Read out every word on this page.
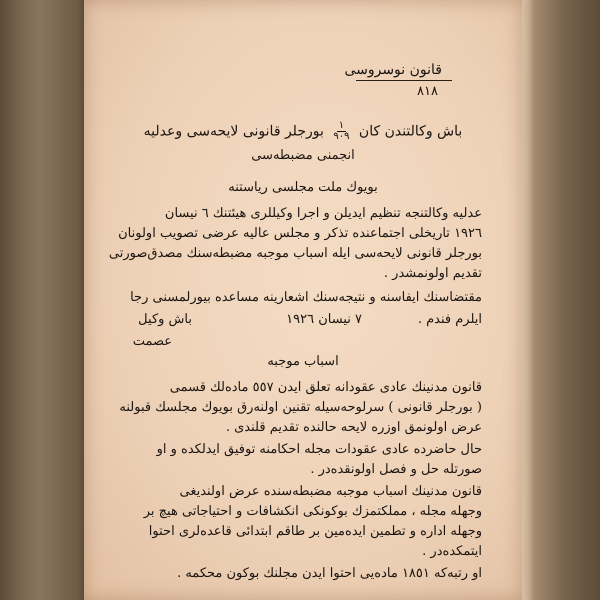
قانون نوسروسی
٨١٨
باش وكالتندن كان
$\frac{١}{٩٠٩}$
بورجلر قانونى لايحه‌سى وعدليه
انجمنى مضبطه‌سى
بويوك ملت مجلسى رياستنه
عدليه وكالتنجه تنظيم ايديلن و اجرا وكيللرى هيئتنك ٦ نيسان
١٩٢٦ تاريخلى اجتماعنده تذكر و مجلس عاليه عرضى تصويب اولونان
بورجلر قانونى لايحه‌سى ايله اسباب موجبه مضبطه‌سنك مصدق‌صورتى
تقديم اولونمشدر .
مقتضاسنك ايفاسنه و نتيجه‌سنك اشعارينه مساعده بيورلمسنى رجا
ايلرم فندم .
٧ نيسان ١٩٢٦
باش وكيل
عصمت
اسباب موجبه
قانون مدنينك عادى عقودانه تعلق ايدن ٥٥٧ ماده‌لك قسمى
( بورجلر قانونى ) سرلوحه‌سيله تقنين اولنه‌رق بويوك مجلسك قبولنه
عرض اولونمق اوزره لايحه حالنده تقديم قلندى .
حال حاضرده عادى عقودات مجله احكامنه توفيق ايدلكده و او
صورتله حل و فصل اولونقده‌در .
قانون مدنينك اسباب موجبه مضبطه‌سنده عرض اولنديغى
وجهله مجله ، مملكتمزك بوكونكى انكشافات و احتياجاتى هيچ بر
وجهله اداره و تطمين ايده‌مين بر طاقم ابتدائى قاعده‌لرى احتوا
ايتمكده‌در .
او رتبه‌كه ١٨٥١ ماده‌يى احتوا ايدن مجلنك بوكون محكمه .
